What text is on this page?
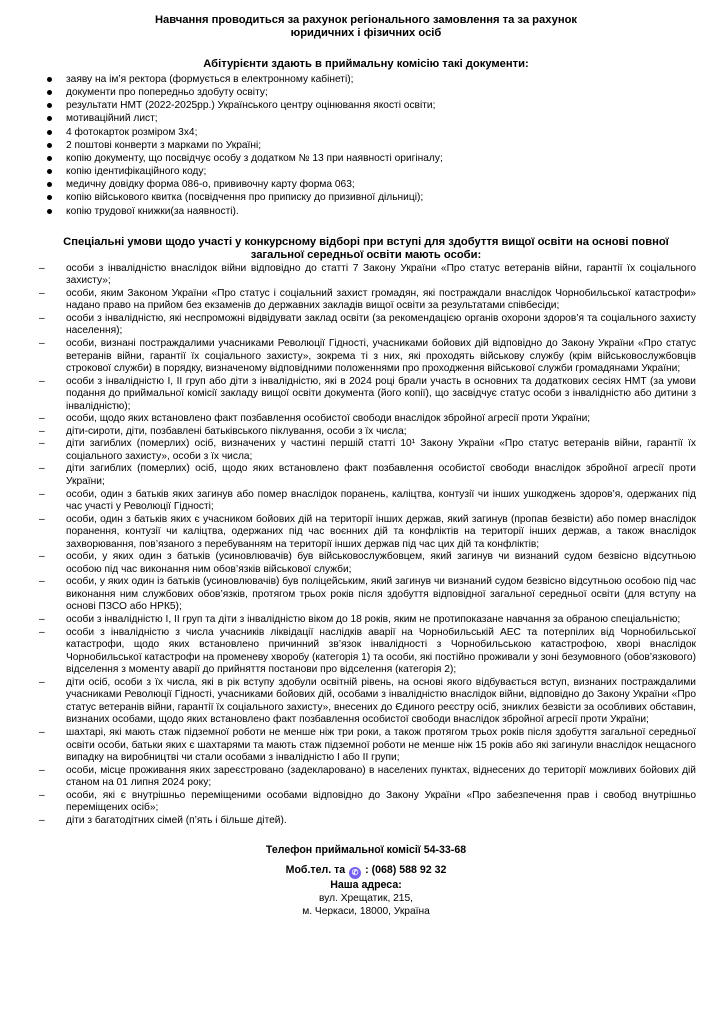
Навчання проводиться за рахунок регіонального замовлення та за рахунок
юридичних і фізичних осіб

Абітурієнти здають в приймальну комісію такі документи:

заяву на ім’я ректора (формується в електронному кабінеті);
документи про попередньо здобуту освіту;
результати НМТ (2022-2025рр.) Українського центру оцінювання якості освіти;
мотиваційний лист;
4 фотокарток розміром 3х4;
2 поштові конверти з марками по Україні;
копію документу, що посвідчує особу з додатком № 13 при наявності оригіналу;
копію ідентифікаційного коду;
медичну довідку форма 086-о, прививочну карту форма 063;
копію військового квитка (посвідчення про приписку до призивної дільниці);
копію трудової книжки(за наявності).

Спеціальні умови щодо участі у конкурсному відборі при вступі для здобуття вищої освіти на основі повної загальної середньої освіти мають особи:

– особи з інвалідністю внаслідок війни відповідно до статті 7 Закону України «Про статус ветеранів війни, гарантії їх соціального захисту»;
– особи, яким Законом України «Про статус і соціальний захист громадян, які постраждали внаслідок Чорнобильської катастрофи» надано право на прийом без екзаменів до державних закладів вищої освіти за результатами співбесіди;
– особи з інвалідністю, які неспроможні відвідувати заклад освіти (за рекомендацією органів охорони здоров’я та соціального захисту населення);
– особи, визнані постраждалими учасниками Революції Гідності, учасниками бойових дій відповідно до Закону України «Про статус ветеранів війни, гарантії їх соціального захисту», зокрема ті з них, які проходять військову службу (крім військовослужбовців строкової служби) в порядку, визначеному відповідними положеннями про проходження військової служби громадянами України;
– особи з інвалідністю I, II груп або діти з інвалідністю, які в 2024 році брали участь в основних та додаткових сесіях НМТ (за умови подання до приймальної комісії закладу вищої освіти документа (його копії), що засвідчує статус особи з інвалідністю або дитини з інвалідністю);
– особи, щодо яких встановлено факт позбавлення особистої свободи внаслідок збройної агресії проти України;
– діти-сироти, діти, позбавлені батьківського піклування, особи з їх числа;
– діти загиблих (померлих) осіб, визначених у частині першій статті 10¹ Закону України «Про статус ветеранів війни, гарантії їх соціального захисту», особи з їх числа;
– діти загиблих (померлих) осіб, щодо яких встановлено факт позбавлення особистої свободи внаслідок збройної агресії проти України;
– особи, один з батьків яких загинув або помер внаслідок поранень, каліцтва, контузії чи інших ушкоджень здоров’я, одержаних під час участі у Революції Гідності;
– особи, один з батьків яких є учасником бойових дій на території інших держав, який загинув (пропав безвісти) або помер внаслідок поранення, контузії чи каліцтва, одержаних під час воєнних дій та конфліктів на території інших держав, а також внаслідок захворювання, пов’язаного з перебуванням на території інших держав під час цих дій та конфліктів;
– особи, у яких один з батьків (усиновлювачів) був військовослужбовцем, який загинув чи визнаний судом безвісно відсутньою особою під час виконання ним обов’язків військової служби;
– особи, у яких один із батьків (усиновлювачів) був поліцейським, який загинув чи визнаний судом безвісно відсутньою особою під час виконання ним службових обов’язків, протягом трьох років після здобуття відповідної загальної середньої освіти (для вступу на основі ПЗСО або НРК5);
– особи з інвалідністю I, II груп та діти з інвалідністю віком до 18 років, яким не протипоказане навчання за обраною спеціальністю;
– особи з інвалідністю з числа учасників ліквідації наслідків аварії на Чорнобильській АЕС та потерпілих від Чорнобильської катастрофи, щодо яких встановлено причинний зв’язок інвалідності з Чорнобильською катастрофою, хворі внаслідок Чорнобильської катастрофи на променеву хворобу (категорія 1) та особи, які постійно проживали у зоні безумовного (обов’язкового) відселення з моменту аварії до прийняття постанови про відселення (категорія 2);
– діти осіб, особи з їх числа, які в рік вступу здобули освітній рівень, на основі якого відбувається вступ, визнаних постраждалими учасниками Революції Гідності, учасниками бойових дій, особами з інвалідністю внаслідок війни, відповідно до Закону України «Про статус ветеранів війни, гарантії їх соціального захисту», внесених до Єдиного реєстру осіб, зниклих безвісти за особливих обставин, визнаних особами, щодо яких встановлено факт позбавлення особистої свободи внаслідок збройної агресії проти України;
– шахтарі, які мають стаж підземної роботи не менше ніж три роки, а також протягом трьох років після здобуття загальної середньої освіти особи, батьки яких є шахтарями та мають стаж підземної роботи не менше ніж 15 років або які загинули внаслідок нещасного випадку на виробництві чи стали особами з інвалідністю I або II групи;
– особи, місце проживання яких зареєстровано (задекларовано) в населених пунктах, віднесених до території можливих бойових дій станом на 01 липня 2024 року;
– особи, які є внутрішньо переміщеними особами відповідно до Закону України «Про забезпечення прав і свобод внутрішньо переміщених осіб»;
– діти з багатодітних сімей (п’ять і більше дітей).
Телефон приймальної комісії 54-33-68
Моб.тел. та ✆ : (068) 588 92 32
Наша адреса:
вул. Хрещатик, 215,
м. Черкаси, 18000, Україна
